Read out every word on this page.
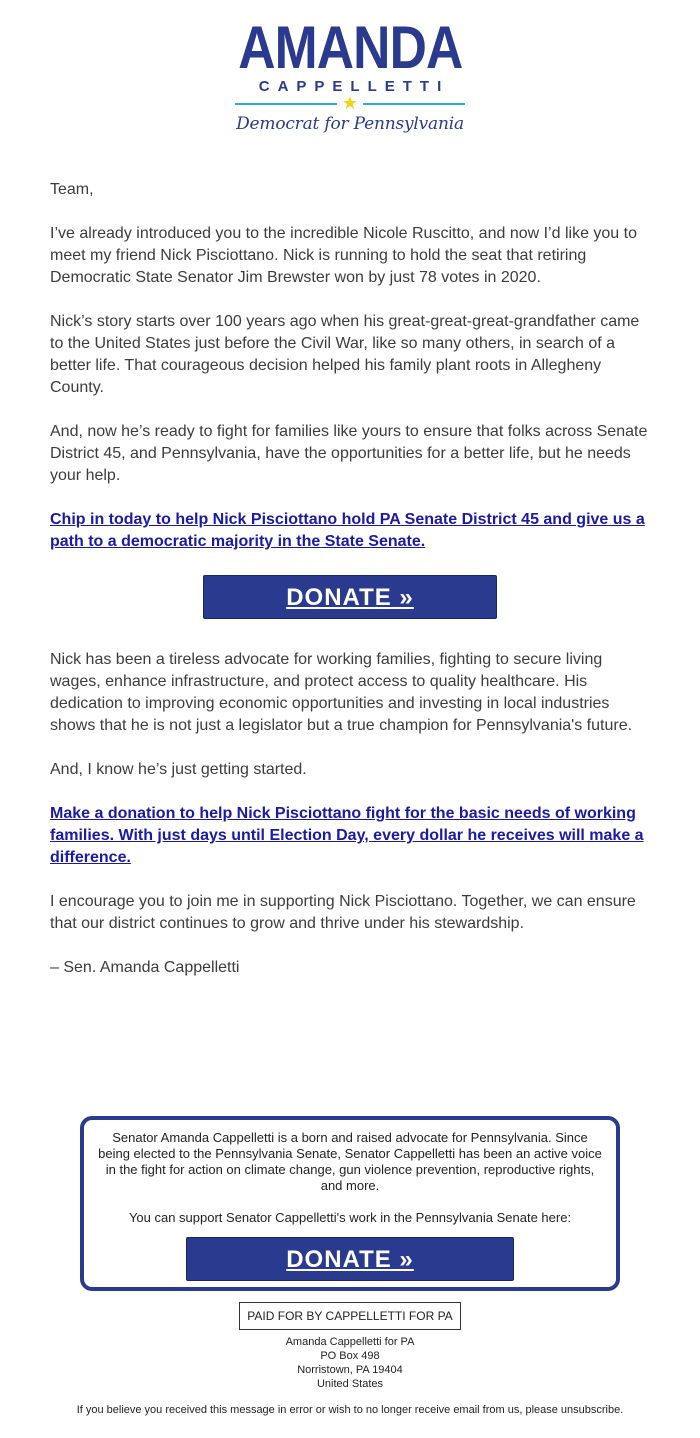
AMANDA
CAPPELLETTI
★
Democrat for Pennsylvania

Team,

I’ve already introduced you to the incredible Nicole Ruscitto, and now I’d like you to meet my friend Nick Pisciottano. Nick is running to hold the seat that retiring Democratic State Senator Jim Brewster won by just 78 votes in 2020.

Nick’s story starts over 100 years ago when his great-great-great-grandfather came to the United States just before the Civil War, like so many others, in search of a better life. That courageous decision helped his family plant roots in Allegheny County.

And, now he’s ready to fight for families like yours to ensure that folks across Senate District 45, and Pennsylvania, have the opportunities for a better life, but he needs your help.

Chip in today to help Nick Pisciottano hold PA Senate District 45 and give us a path to a democratic majority in the State Senate.

DONATE »

Nick has been a tireless advocate for working families, fighting to secure living wages, enhance infrastructure, and protect access to quality healthcare. His dedication to improving economic opportunities and investing in local industries shows that he is not just a legislator but a true champion for Pennsylvania's future.

And, I know he’s just getting started.

Make a donation to help Nick Pisciottano fight for the basic needs of working families. With just days until Election Day, every dollar he receives will make a difference.

I encourage you to join me in supporting Nick Pisciottano. Together, we can ensure that our district continues to grow and thrive under his stewardship.

– Sen. Amanda Cappelletti

Senator Amanda Cappelletti is a born and raised advocate for Pennsylvania. Since being elected to the Pennsylvania Senate, Senator Cappelletti has been an active voice in the fight for action on climate change, gun violence prevention, reproductive rights, and more.

You can support Senator Cappelletti's work in the Pennsylvania Senate here:

DONATE »
PAID FOR BY CAPPELLETTI FOR PA
Amanda Cappelletti for PA
PO Box 498
Norristown, PA 19404
United States
If you believe you received this message in error or wish to no longer receive email from us, please unsubscribe.
